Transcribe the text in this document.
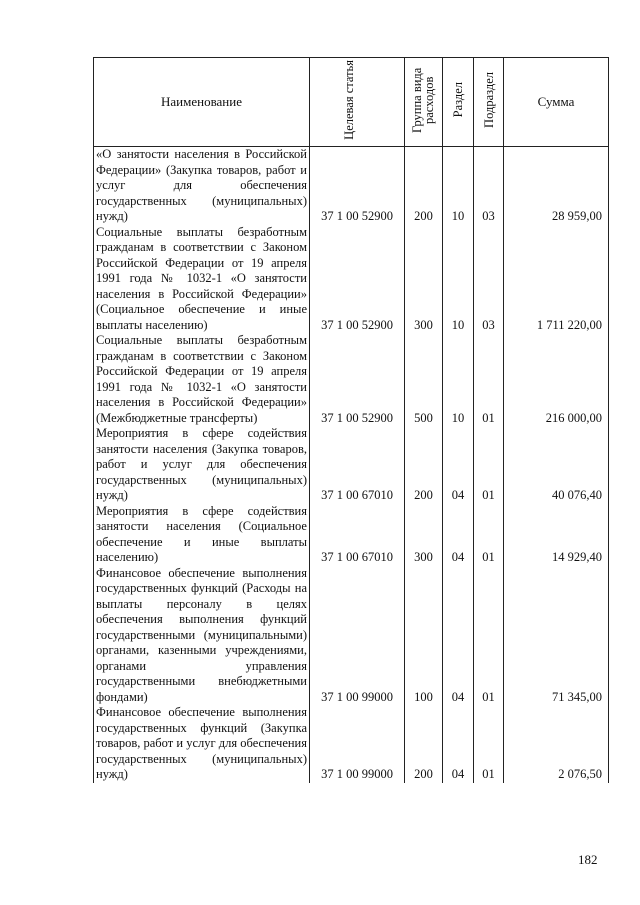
Наименование	Целевая статья	Группа вида расходов	Раздел	Подраздел	Сумма
«О занятости населения в Российской Федерации» (Закупка товаров, работ и услуг для обеспечения государственных (муниципальных) нужд)	37 1 00 52900	200	10	03	28 959,00
Социальные выплаты безработным гражданам в соответствии с Законом Российской Федерации от 19 апреля 1991 года № 1032-1 «О занятости населения в Российской Федерации» (Социальное обеспечение и иные выплаты населению)	37 1 00 52900	300	10	03	1 711 220,00
Социальные выплаты безработным гражданам в соответствии с Законом Российской Федерации от 19 апреля 1991 года № 1032-1 «О занятости населения в Российской Федерации» (Межбюджетные трансферты)	37 1 00 52900	500	10	01	216 000,00
Мероприятия в сфере содействия занятости населения (Закупка товаров, работ и услуг для обеспечения государственных (муниципальных) нужд)	37 1 00 67010	200	04	01	40 076,40
Мероприятия в сфере содействия занятости населения (Социальное обеспечение и иные выплаты населению)	37 1 00 67010	300	04	01	14 929,40
Финансовое обеспечение выполнения государственных функций (Расходы на выплаты персоналу в целях обеспечения выполнения функций государственными (муниципальными) органами, казенными учреждениями, органами управления государственными внебюджетными фондами)	37 1 00 99000	100	04	01	71 345,00
Финансовое обеспечение выполнения государственных функций (Закупка товаров, работ и услуг для обеспечения государственных (муниципальных) нужд)	37 1 00 99000	200	04	01	2 076,50
182
